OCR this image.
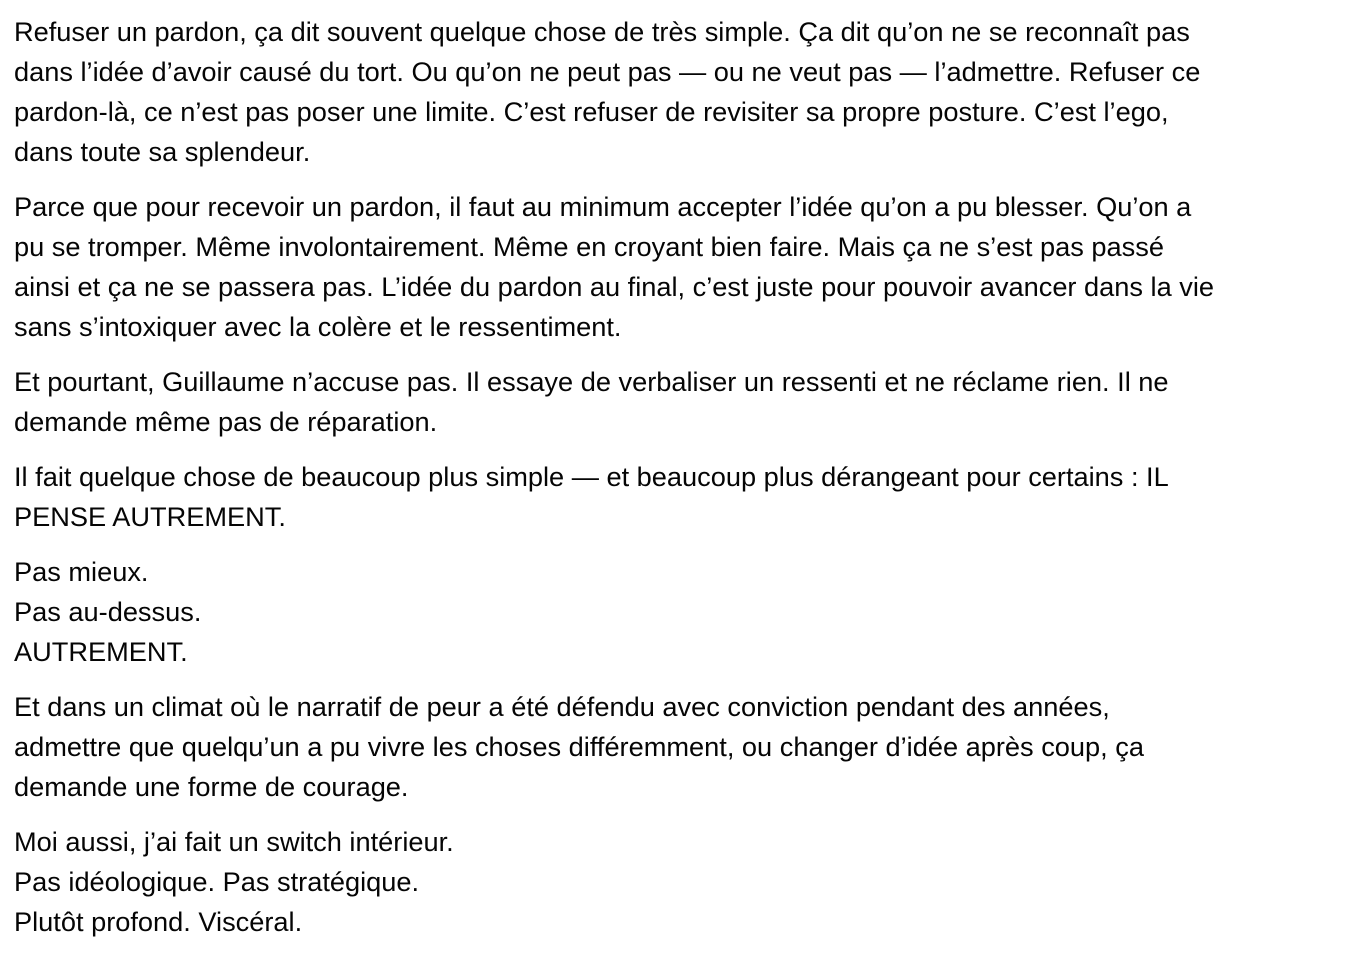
Refuser un pardon, ça dit souvent quelque chose de très simple. Ça dit qu’on ne se reconnaît pas
dans l’idée d’avoir causé du tort. Ou qu’on ne peut pas — ou ne veut pas — l’admettre. Refuser ce
pardon-là, ce n’est pas poser une limite. C’est refuser de revisiter sa propre posture. C’est l’ego,
dans toute sa splendeur.

Parce que pour recevoir un pardon, il faut au minimum accepter l’idée qu’on a pu blesser. Qu’on a
pu se tromper. Même involontairement. Même en croyant bien faire. Mais ça ne s’est pas passé
ainsi et ça ne se passera pas. L’idée du pardon au final, c’est juste pour pouvoir avancer dans la vie
sans s’intoxiquer avec la colère et le ressentiment.

Et pourtant, Guillaume n’accuse pas. Il essaye de verbaliser un ressenti et ne réclame rien. Il ne
demande même pas de réparation.

Il fait quelque chose de beaucoup plus simple — et beaucoup plus dérangeant pour certains : IL
PENSE AUTREMENT.

Pas mieux.
Pas au-dessus.
AUTREMENT.

Et dans un climat où le narratif de peur a été défendu avec conviction pendant des années,
admettre que quelqu’un a pu vivre les choses différemment, ou changer d’idée après coup, ça
demande une forme de courage.

Moi aussi, j’ai fait un switch intérieur.
Pas idéologique. Pas stratégique.
Plutôt profond. Viscéral.
